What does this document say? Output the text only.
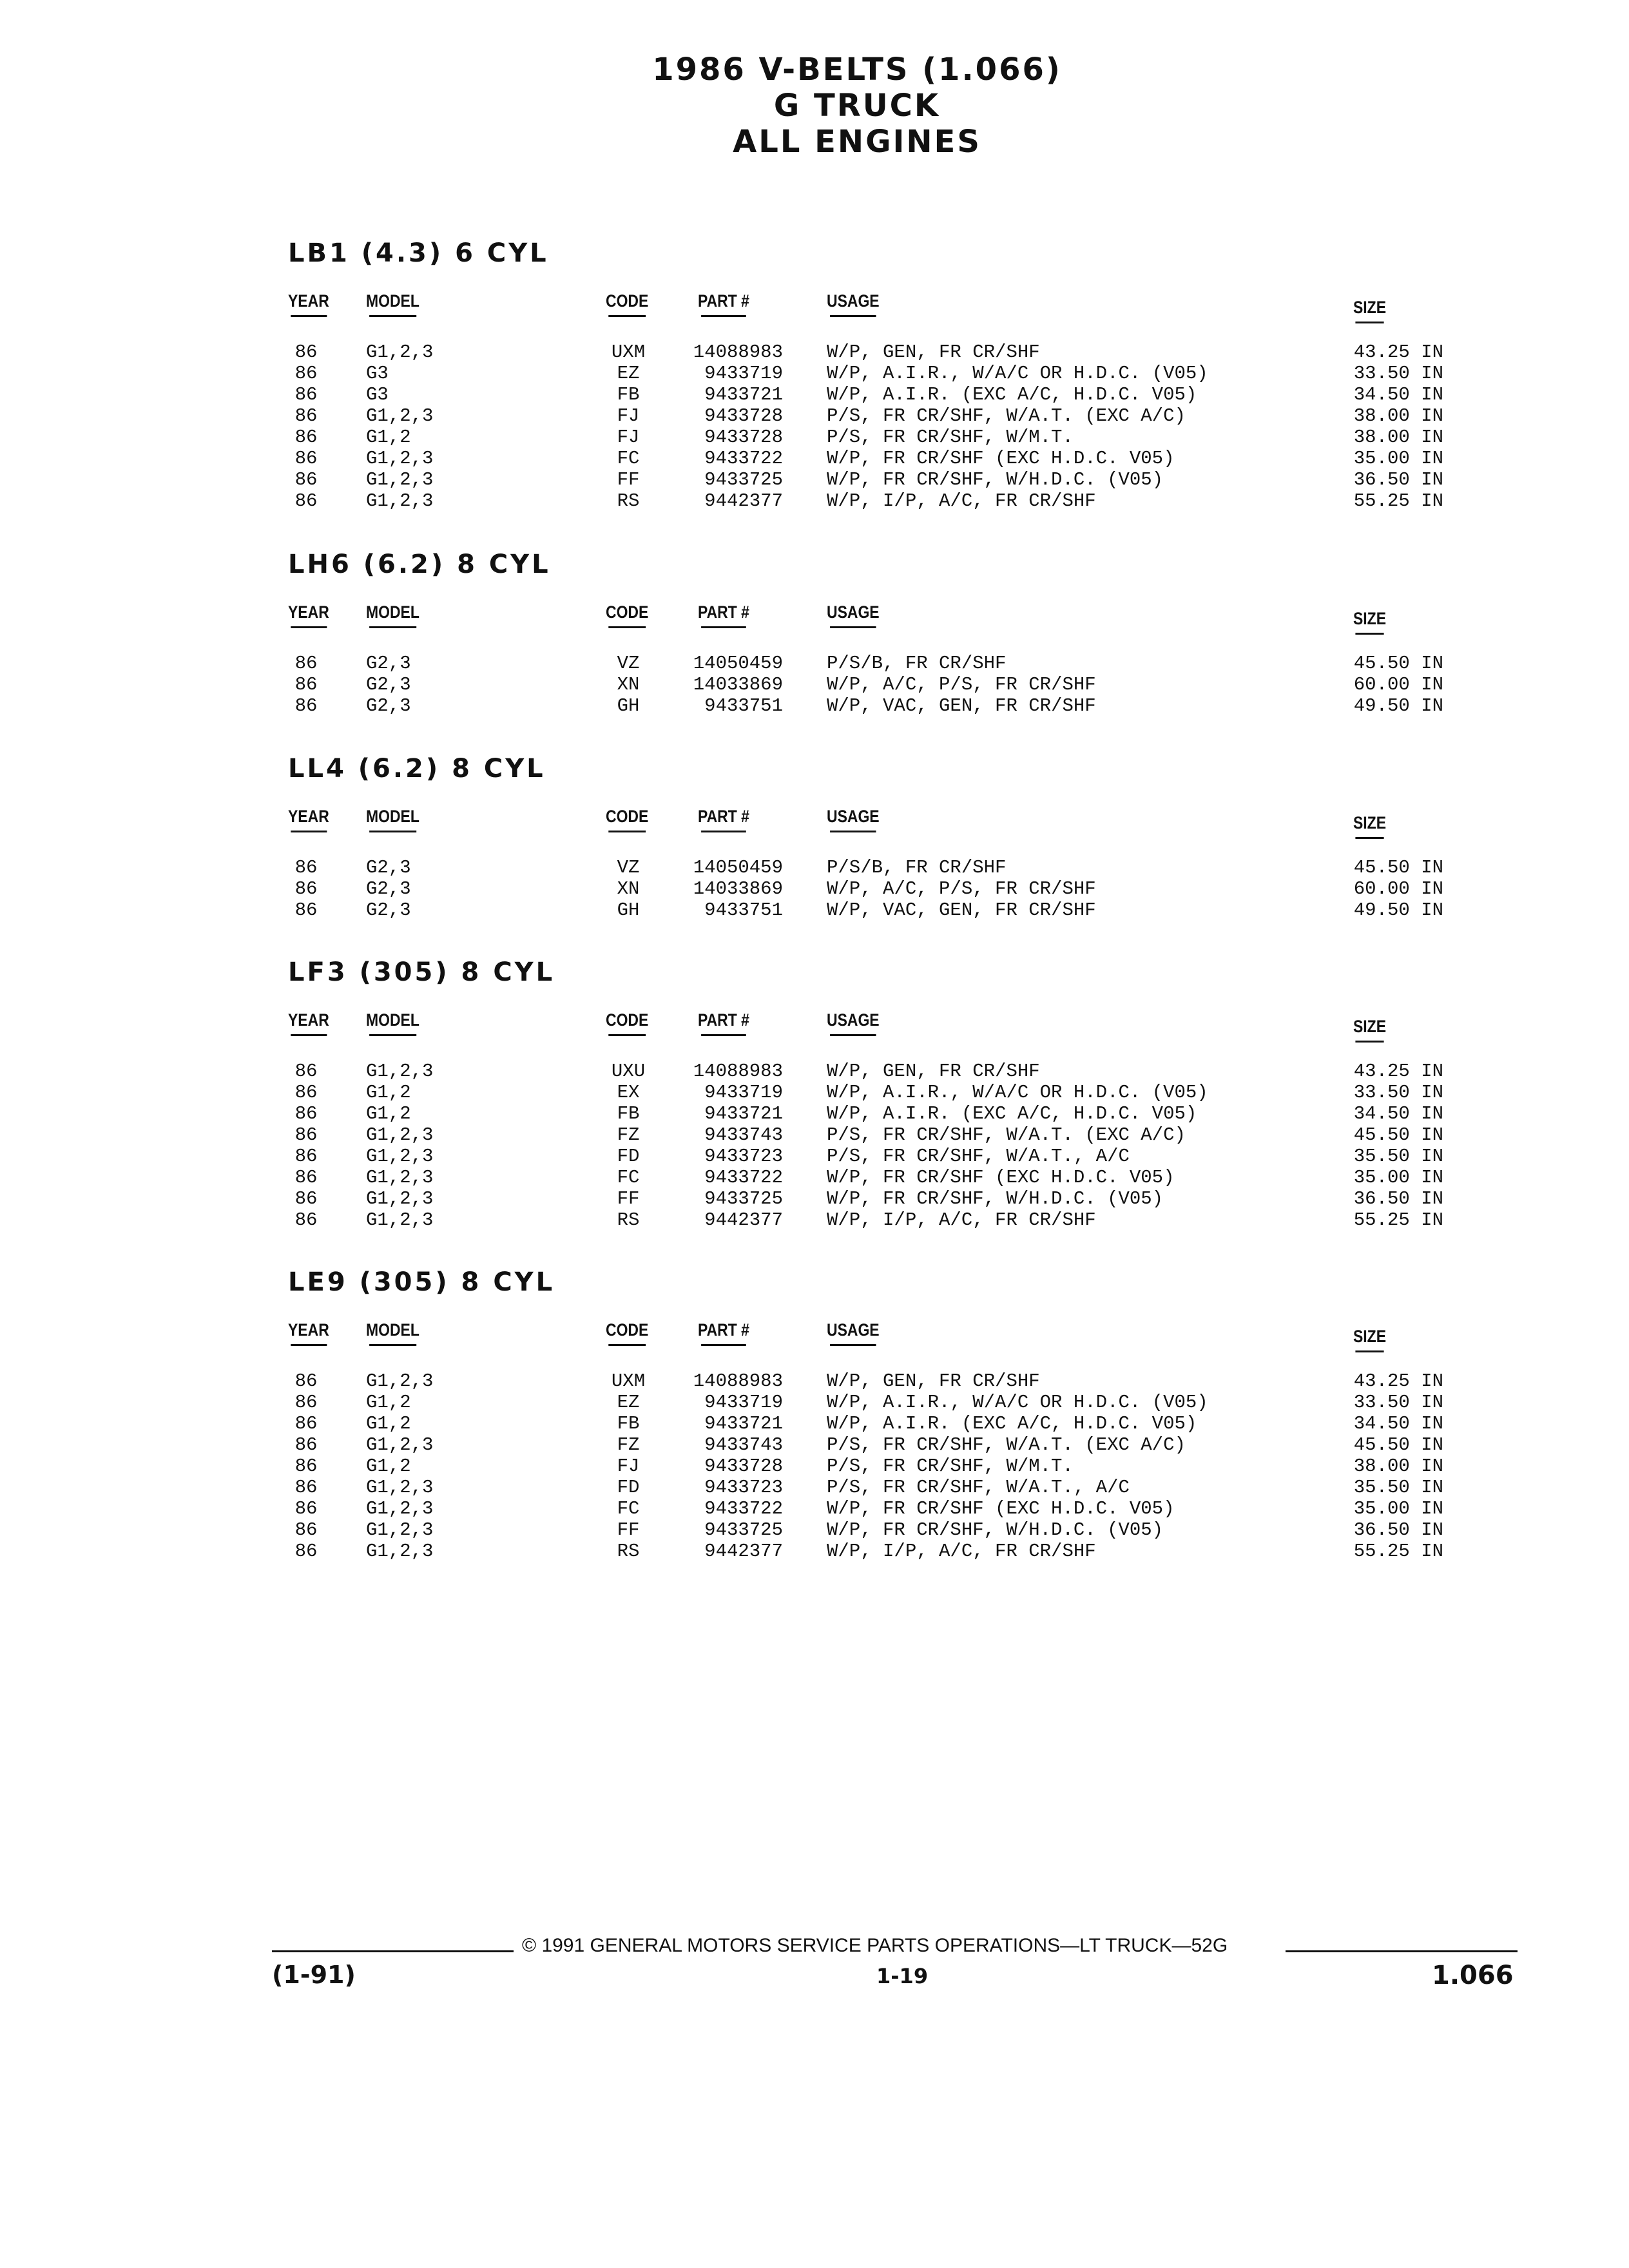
1986 V-BELTS (1.066)
G TRUCK
ALL ENGINES
LB1 (4.3) 6 CYL
YEAR MODEL	CODE	PART #	USAGE	SIZE
86	G1,2,3	UXM	14088983 W/P, GEN, FR CR/SHF	43.25 IN
86	G3	EZ	9433719 W/P, A.I.R., W/A/C OR H.D.C. (V05)	33.50 IN
86	G3	FB	9433721 W/P, A.I.R. (EXC A/C, H.D.C. V05)	34.50 IN
86	G1,2,3	FJ	9433728 P/S, FR CR/SHF, W/A.T. (EXC A/C)	38.00 IN
86	G1,2	FJ	9433728 P/S, FR CR/SHF, W/M.T.	38.00 IN
86	G1,2,3	FC	9433722 W/P, FR CR/SHF (EXC H.D.C. V05)	35.00 IN
86	G1,2,3	FF	9433725 W/P, FR CR/SHF, W/H.D.C. (V05)	36.50 IN
86	G1,2,3	RS	9442377 W/P, I/P, A/C, FR CR/SHF	55.25 IN
LH6 (6.2) 8 CYL
YEAR MODEL	CODE	PART #	USAGE	SIZE
86	G2,3	VZ	14050459 P/S/B, FR CR/SHF	45.50 IN
86	G2,3	XN	14033869 W/P, A/C, P/S, FR CR/SHF	60.00 IN
86	G2,3	GH	9433751 W/P, VAC, GEN, FR CR/SHF	49.50 IN
LL4 (6.2) 8 CYL
YEAR MODEL	CODE	PART #	USAGE	SIZE
86	G2,3	VZ	14050459 P/S/B, FR CR/SHF	45.50 IN
86	G2,3	XN	14033869 W/P, A/C, P/S, FR CR/SHF	60.00 IN
86	G2,3	GH	9433751 W/P, VAC, GEN, FR CR/SHF	49.50 IN
LF3 (305) 8 CYL
YEAR MODEL	CODE	PART #	USAGE	SIZE
86	G1,2,3	UXU	14088983 W/P, GEN, FR CR/SHF	43.25 IN
86	G1,2	EX	9433719 W/P, A.I.R., W/A/C OR H.D.C. (V05)	33.50 IN
86	G1,2	FB	9433721 W/P, A.I.R. (EXC A/C, H.D.C. V05)	34.50 IN
86	G1,2,3	FZ	9433743 P/S, FR CR/SHF, W/A.T. (EXC A/C)	45.50 IN
86	G1,2,3	FD	9433723 P/S, FR CR/SHF, W/A.T., A/C	35.50 IN
86	G1,2,3	FC	9433722 W/P, FR CR/SHF (EXC H.D.C. V05)	35.00 IN
86	G1,2,3	FF	9433725 W/P, FR CR/SHF, W/H.D.C. (V05)	36.50 IN
86	G1,2,3	RS	9442377 W/P, I/P, A/C, FR CR/SHF	55.25 IN
LE9 (305) 8 CYL
YEAR MODEL	CODE	PART #	USAGE	SIZE
86	G1,2,3	UXM	14088983 W/P, GEN, FR CR/SHF	43.25 IN
86	G1,2	EZ	9433719 W/P, A.I.R., W/A/C OR H.D.C. (V05)	33.50 IN
86	G1,2	FB	9433721 W/P, A.I.R. (EXC A/C, H.D.C. V05)	34.50 IN
86	G1,2,3	FZ	9433743 P/S, FR CR/SHF, W/A.T. (EXC A/C)	45.50 IN
86	G1,2	FJ	9433728 P/S, FR CR/SHF, W/M.T.	38.00 IN
86	G1,2,3	FD	9433723 P/S, FR CR/SHF, W/A.T., A/C	35.50 IN
86	G1,2,3	FC	9433722 W/P, FR CR/SHF (EXC H.D.C. V05)	35.00 IN
86	G1,2,3	FF	9433725 W/P, FR CR/SHF, W/H.D.C. (V05)	36.50 IN
86	G1,2,3	RS	9442377 W/P, I/P, A/C, FR CR/SHF	55.25 IN
© 1991 GENERAL MOTORS SERVICE PARTS OPERATIONS—LT TRUCK—52G
(1-91)	1-19	1.066
